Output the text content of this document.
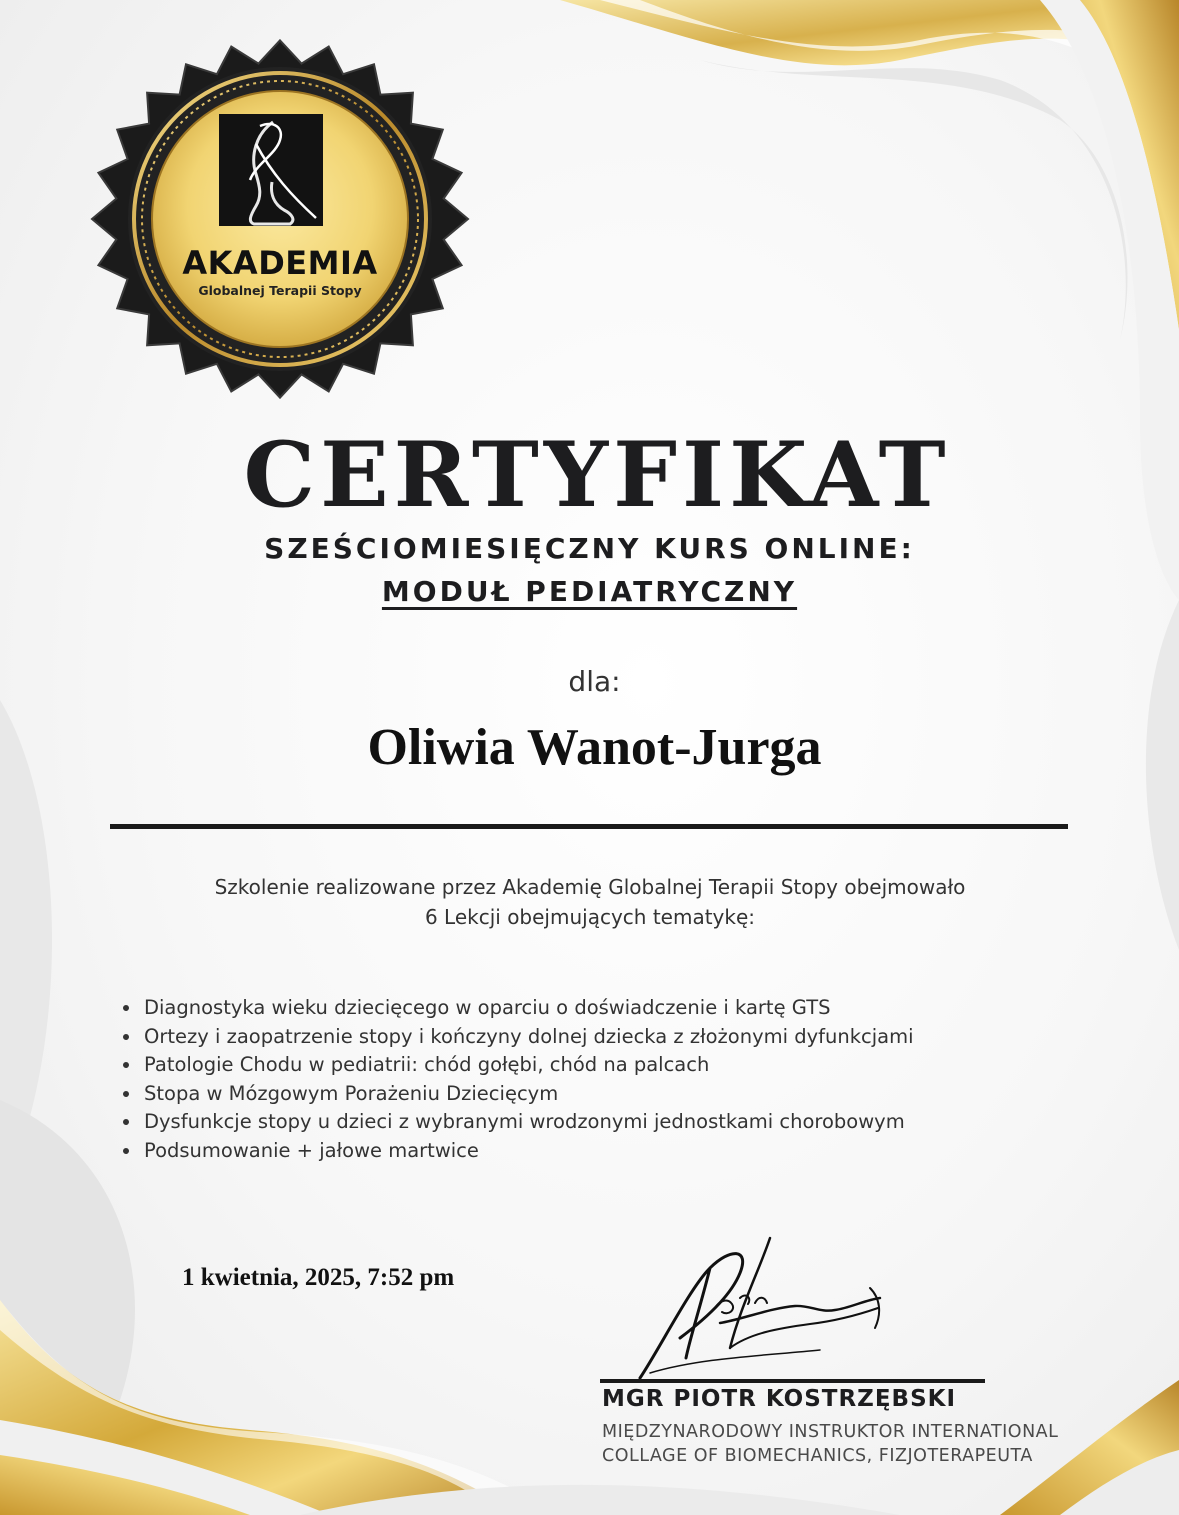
AKADEMIA
Globalnej Terapii Stopy
CERTYFIKAT
SZEŚCIOMIESIĘCZNY KURS ONLINE:
MODUŁ PEDIATRYCZNY
dla:
Oliwia Wanot-Jurga
Szkolenie realizowane przez Akademię Globalnej Terapii Stopy obejmowało
6 Lekcji obejmujących tematykę:
• Diagnostyka wieku dziecięcego w oparciu o doświadczenie i kartę GTS
• Ortezy i zaopatrzenie stopy i kończyny dolnej dziecka z złożonymi dyfunkcjami
• Patologie Chodu w pediatrii: chód gołębi, chód na palcach
• Stopa w Mózgowym Porażeniu Dziecięcym
• Dysfunkcje stopy u dzieci z wybranymi wrodzonymi jednostkami chorobowym
• Podsumowanie + jałowe martwice
1 kwietnia, 2025, 7:52 pm
MGR PIOTR KOSTRZĘBSKI
MIĘDZYNARODOWY INSTRUKTOR INTERNATIONAL
COLLAGE OF BIOMECHANICS, FIZJOTERAPEUTA
